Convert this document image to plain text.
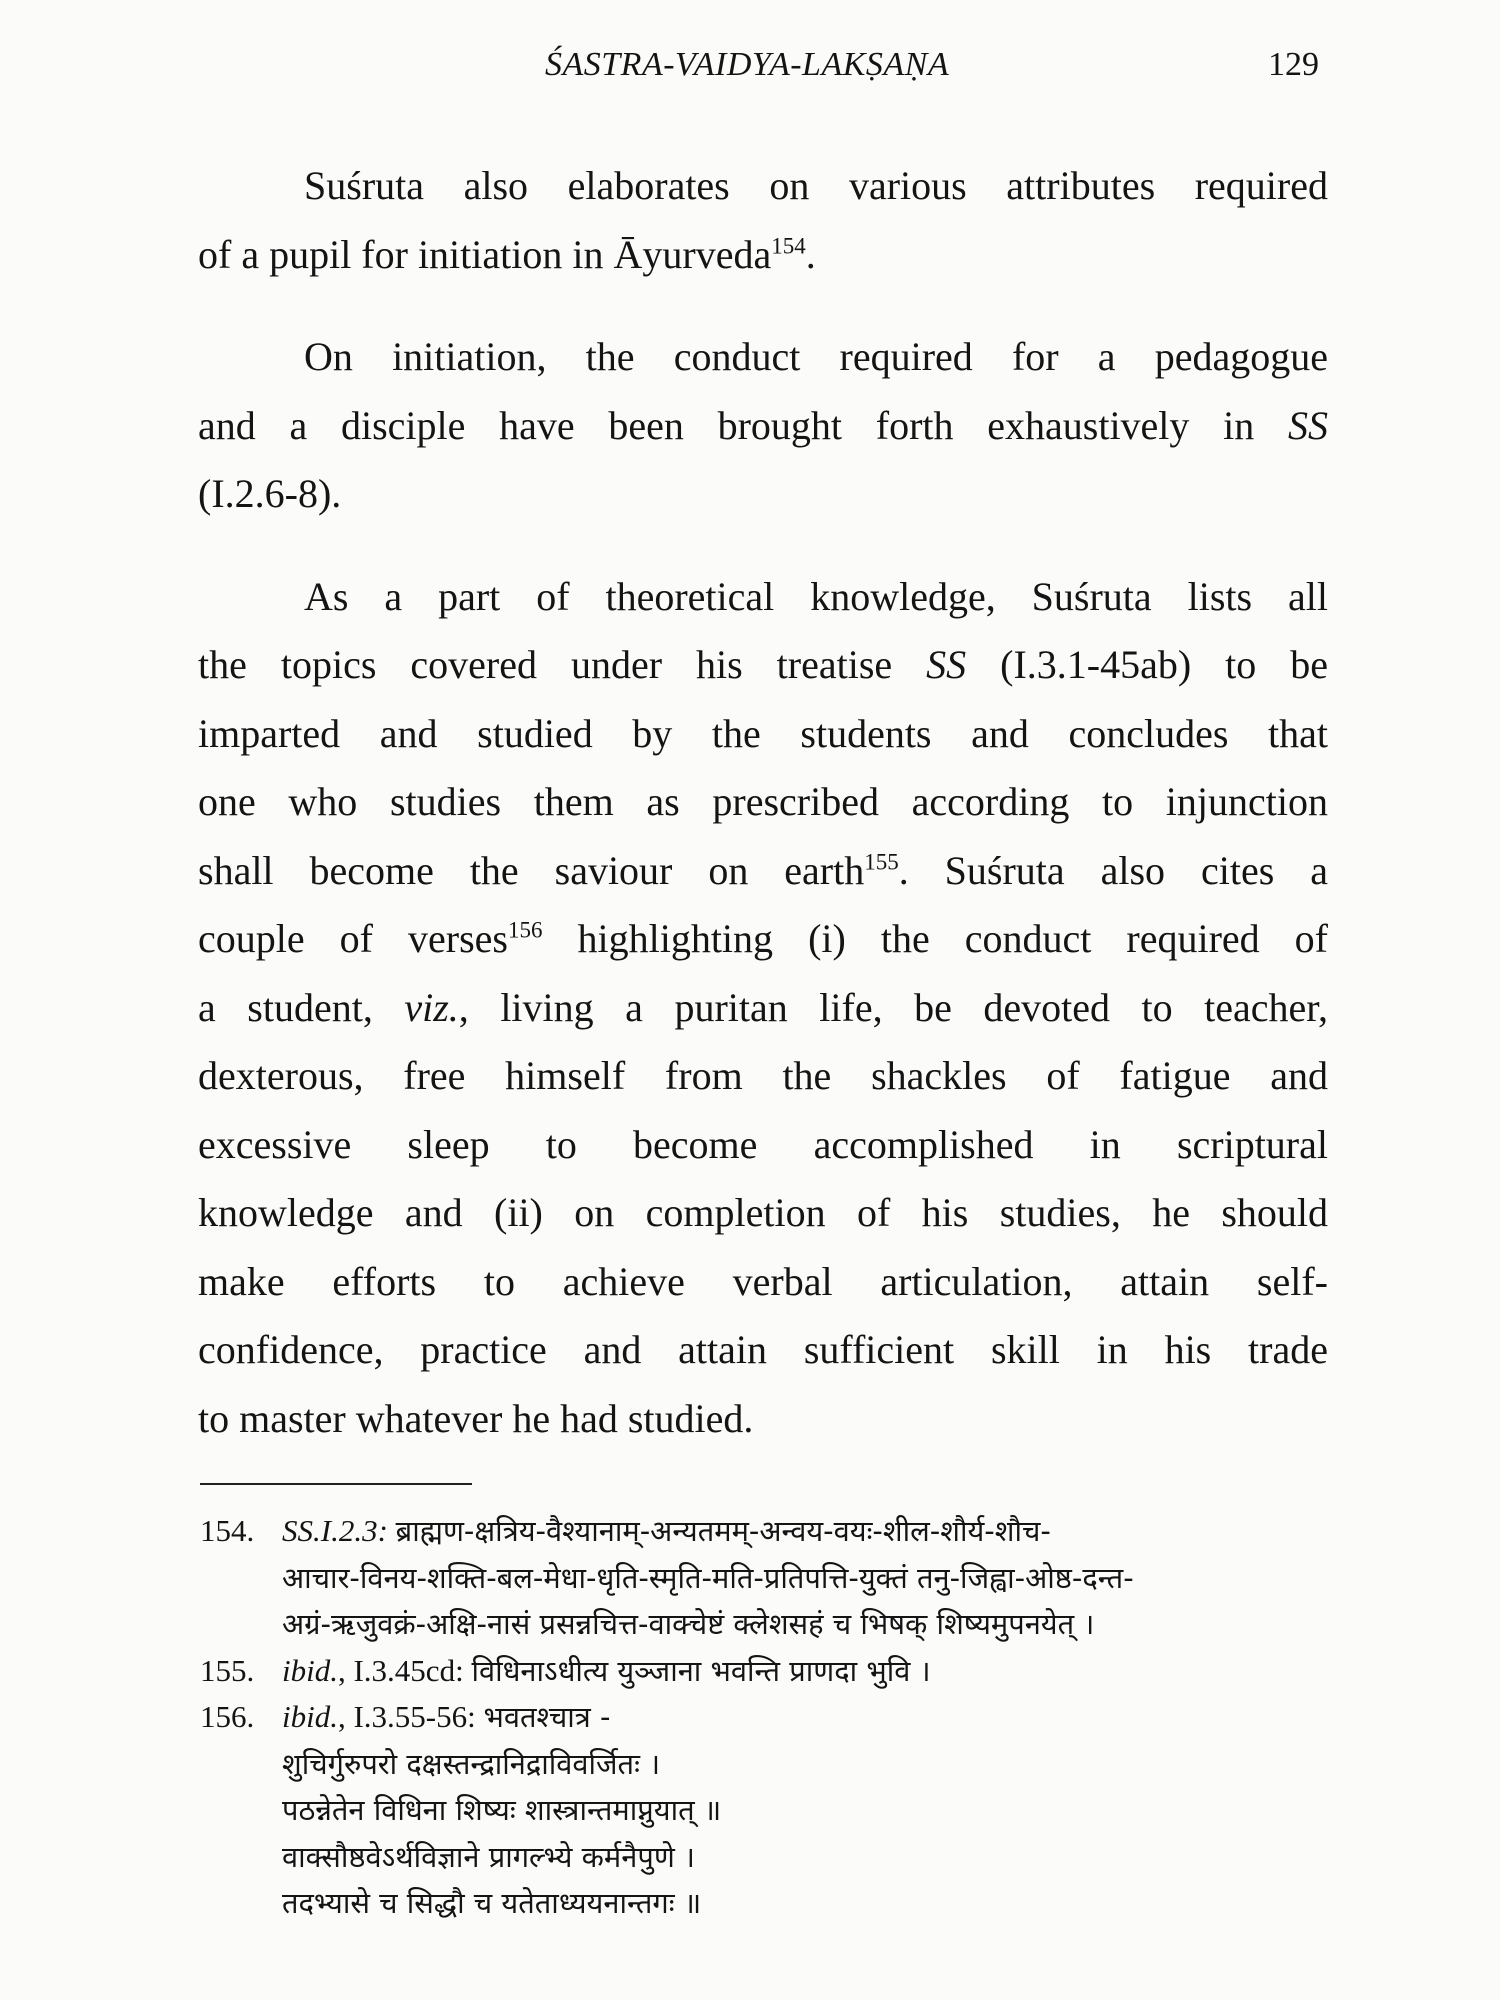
ŚASTRA-VAIDYA-LAKṢAṆA	129

Suśruta also elaborates on various attributes required
of a pupil for initiation in Āyurveda$^{154}$.

On initiation, the conduct required for a pedagogue
and a disciple have been brought forth exhaustively in SS
(I.2.6-8).

As a part of theoretical knowledge, Suśruta lists all
the topics covered under his treatise SS (I.3.1-45ab) to be
imparted and studied by the students and concludes that
one who studies them as prescribed according to injunction
shall become the saviour on earth$^{155}$. Suśruta also cites a
couple of verses$^{156}$ highlighting (i) the conduct required of
a student, viz., living a puritan life, be devoted to teacher,
dexterous, free himself from the shackles of fatigue and
excessive sleep to become accomplished in scriptural
knowledge and (ii) on completion of his studies, he should
make efforts to achieve verbal articulation, attain self-
confidence, practice and attain sufficient skill in his trade
to master whatever he had studied.

154. SS.I.2.3: ब्राह्मण-क्षत्रिय-वैश्यानाम्-अन्यतमम्-अन्वय-वयः-शील-शौर्य-शौच-
आचार-विनय-शक्ति-बल-मेधा-धृति-स्मृति-मति-प्रतिपत्ति-युक्तं तनु-जिह्वा-ओष्ठ-दन्त-
अग्रं-ऋजुवक्रं-अक्षि-नासं प्रसन्नचित्त-वाक्चेष्टं क्लेशसहं च भिषक् शिष्यमुपनयेत् ।
155. ibid., I.3.45cd: विधिनाऽधीत्य युञ्जाना भवन्ति प्राणदा भुवि ।
156. ibid., I.3.55-56: भवतश्चात्र -
शुचिर्गुरुपरो दक्षस्तन्द्रानिद्राविवर्जितः ।
पठन्नेतेन विधिना शिष्यः शास्त्रान्तमाप्नुयात् ॥
वाक्सौष्ठवेऽर्थविज्ञाने प्रागल्भ्ये कर्मनैपुणे ।
तदभ्यासे च सिद्धौ च यतेताध्ययनान्तगः ॥
